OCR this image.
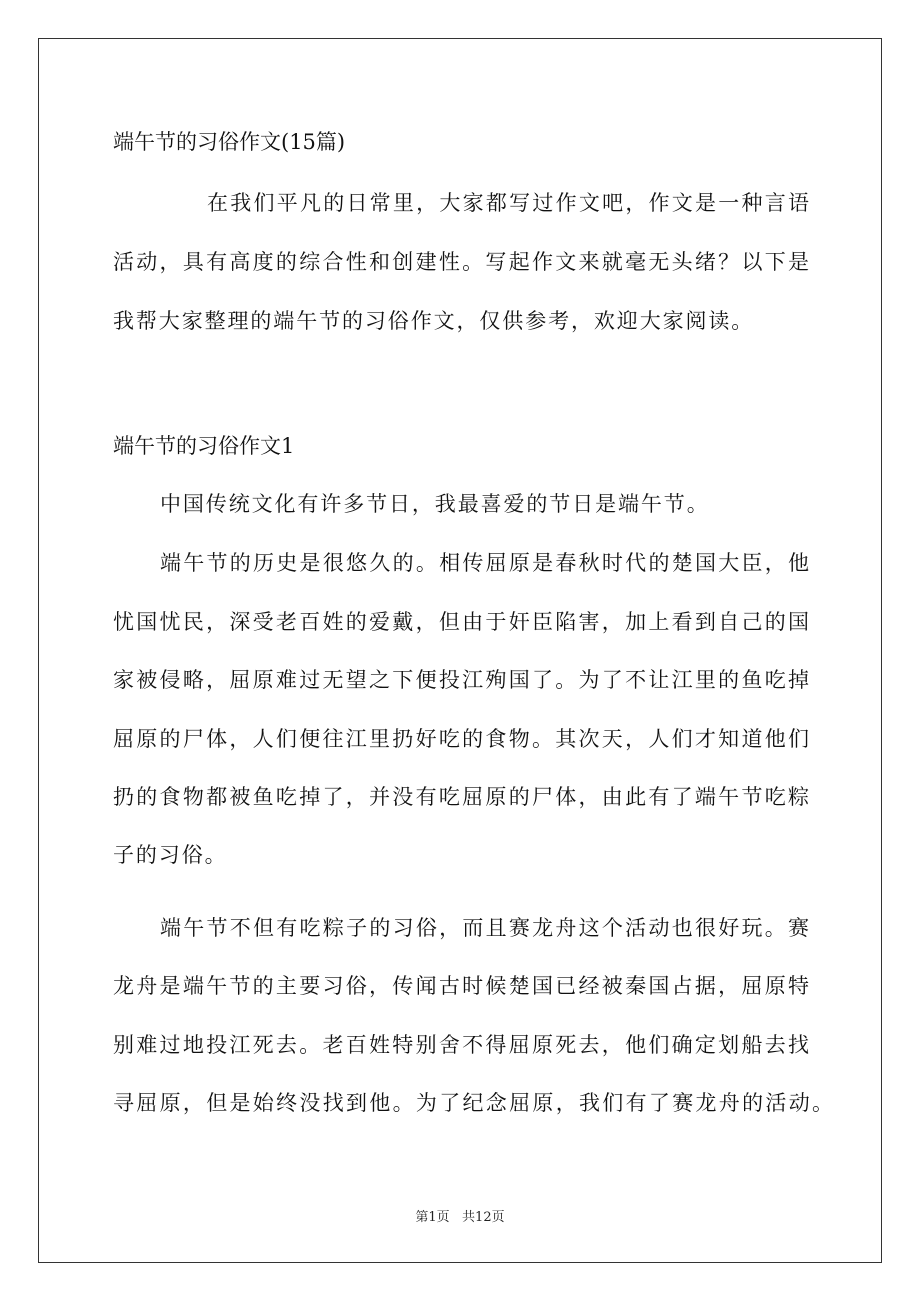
端午节的习俗作文(15篇)
在我们平凡的日常里，大家都写过作文吧，作文是一种言语
活动，具有高度的综合性和创建性。写起作文来就毫无头绪？以下是
我帮大家整理的端午节的习俗作文，仅供参考，欢迎大家阅读。
端午节的习俗作文1
中国传统文化有许多节日，我最喜爱的节日是端午节。
端午节的历史是很悠久的。相传屈原是春秋时代的楚国大臣，他
忧国忧民，深受老百姓的爱戴，但由于奸臣陷害，加上看到自己的国
家被侵略，屈原难过无望之下便投江殉国了。为了不让江里的鱼吃掉
屈原的尸体，人们便往江里扔好吃的食物。其次天，人们才知道他们
扔的食物都被鱼吃掉了，并没有吃屈原的尸体，由此有了端午节吃粽
子的习俗。
端午节不但有吃粽子的习俗，而且赛龙舟这个活动也很好玩。赛
龙舟是端午节的主要习俗，传闻古时候楚国已经被秦国占据，屈原特
别难过地投江死去。老百姓特别舍不得屈原死去，他们确定划船去找
寻屈原，但是始终没找到他。为了纪念屈原，我们有了赛龙舟的活动。
第1页   共12页
